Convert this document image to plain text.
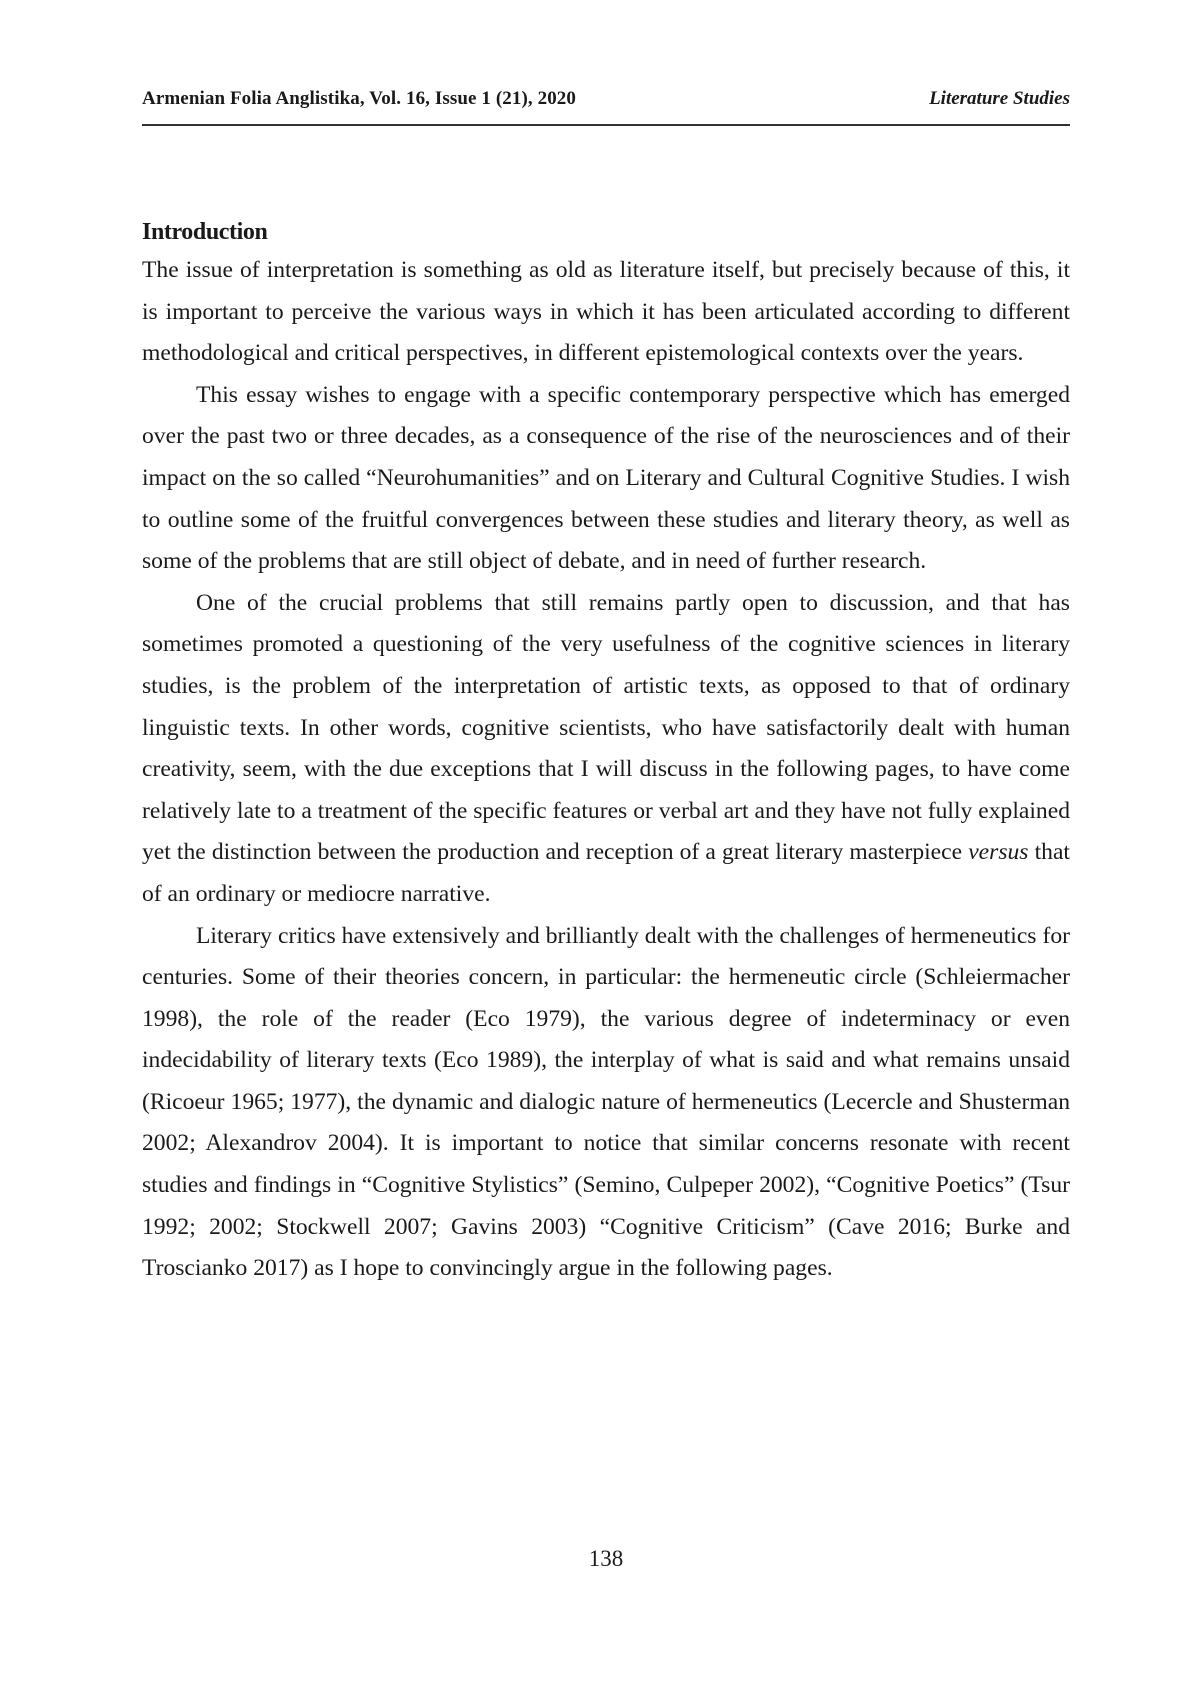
Armenian Folia Anglistika, Vol. 16, Issue 1 (21), 2020	Literature Studies
Introduction

The issue of interpretation is something as old as literature itself, but precisely because of this, it is important to perceive the various ways in which it has been articulated according to different methodological and critical perspectives, in different epistemological contexts over the years.

This essay wishes to engage with a specific contemporary perspective which has emerged over the past two or three decades, as a consequence of the rise of the neurosciences and of their impact on the so called “Neurohumanities” and on Literary and Cultural Cognitive Studies. I wish to outline some of the fruitful convergences between these studies and literary theory, as well as some of the problems that are still object of debate, and in need of further research.

One of the crucial problems that still remains partly open to discussion, and that has sometimes promoted a questioning of the very usefulness of the cognitive sciences in literary studies, is the problem of the interpretation of artistic texts, as opposed to that of ordinary linguistic texts. In other words, cognitive scientists, who have satisfactorily dealt with human creativity, seem, with the due exceptions that I will discuss in the following pages, to have come relatively late to a treatment of the specific features or verbal art and they have not fully explained yet the distinction between the production and reception of a great literary masterpiece versus that of an ordinary or mediocre narrative.

Literary critics have extensively and brilliantly dealt with the challenges of hermeneutics for centuries. Some of their theories concern, in particular: the hermeneutic circle (Schleiermacher 1998), the role of the reader (Eco 1979), the various degree of indeterminacy or even indecidability of literary texts (Eco 1989), the interplay of what is said and what remains unsaid (Ricoeur 1965; 1977), the dynamic and dialogic nature of hermeneutics (Lecercle and Shusterman 2002; Alexandrov 2004). It is important to notice that similar concerns resonate with recent studies and findings in “Cognitive Stylistics” (Semino, Culpeper 2002), “Cognitive Poetics” (Tsur 1992; 2002; Stockwell 2007; Gavins 2003) “Cognitive Criticism” (Cave 2016; Burke and Troscianko 2017) as I hope to convincingly argue in the following pages.

138
